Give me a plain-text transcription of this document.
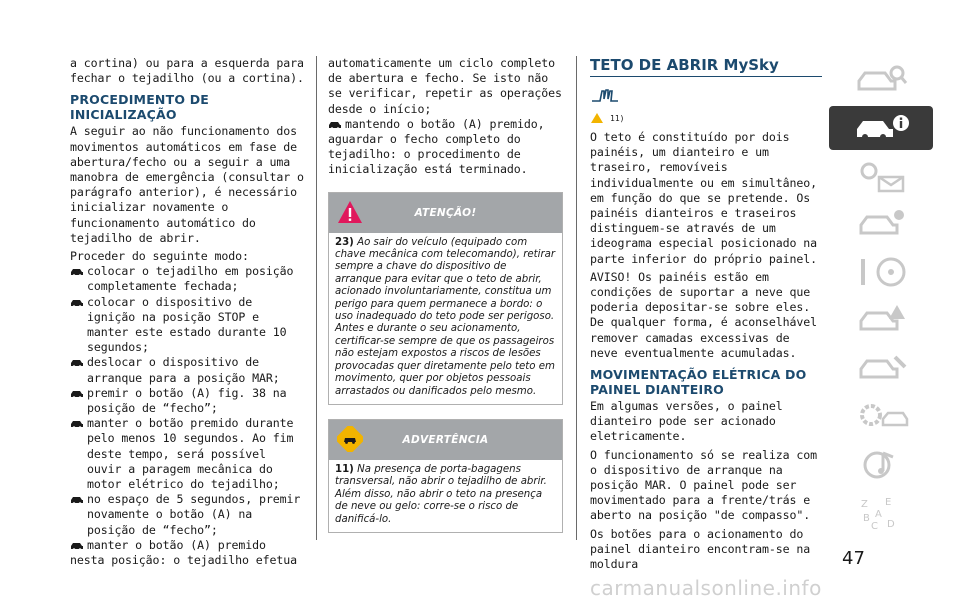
a cortina) ou para a esquerda para fechar o tejadilho (ou a cortina).

PROCEDIMENTO DE INICIALIZAÇÃO

A seguir ao não funcionamento dos movimentos automáticos em fase de abertura/fecho ou a seguir a uma manobra de emergência (consultar o parágrafo anterior), é necessário inicializar novamente o funcionamento automático do tejadilho de abrir.

Proceder do seguinte modo:

colocar o tejadilho em posição completamente fechada;
colocar o dispositivo de ignição na posição STOP e manter este estado durante 10 segundos;
deslocar o dispositivo de arranque para a posição MAR;
premir o botão (A) fig. 38 na posição de “fecho”;
manter o botão premido durante pelo menos 10 segundos. Ao fim deste tempo, será possível ouvir a paragem mecânica do motor elétrico do tejadilho;
no espaço de 5 segundos, premir novamente o botão (A) na posição de “fecho”;
manter o botão (A) premido
nesta posição: o tejadilho efetua

automaticamente um ciclo completo de abertura e fecho. Se isto não se verificar, repetir as operações desde o início;

mantendo o botão (A) premido,

aguardar o fecho completo do tejadilho: o procedimento de inicialização está terminado.

ATENÇÃO!
23) Ao sair do veículo (equipado com chave mecânica com telecomando), retirar sempre a chave do dispositivo de arranque para evitar que o teto de abrir, acionado involuntariamente, constitua um perigo para quem permanece a bordo: o uso inadequado do teto pode ser perigoso. Antes e durante o seu acionamento, certificar-se sempre de que os passageiros não estejam expostos a riscos de lesões provocadas quer diretamente pelo teto em movimento, quer por objetos pessoais arrastados ou danificados pelo mesmo.
ADVERTÊNCIA
11) Na presença de porta-bagagens transversal, não abrir o tejadilho de abrir. Além disso, não abrir o teto na presença de neve ou gelo: corre-se o risco de danificá-lo.
TETO DE ABRIR MySky
11)

O teto é constituído por dois painéis, um dianteiro e um traseiro, removíveis individualmente ou em simultâneo, em função do que se pretende. Os painéis dianteiros e traseiros distinguem-se através de um ideograma especial posicionado na parte inferior do próprio painel.

AVISO! Os painéis estão em condições de suportar a neve que poderia depositar-se sobre eles. De qualquer forma, é aconselhável remover camadas excessivas de neve eventualmente acumuladas.

MOVIMENTAÇÃO ELÉTRICA DO PAINEL DIANTEIRO

Em algumas versões, o painel dianteiro pode ser acionado eletricamente.

O funcionamento só se realiza com o dispositivo de arranque na posição MAR. O painel pode ser movimentado para a frente/trás e aberto na posição "de compasso".

Os botões para o acionamento do painel dianteiro encontram-se na moldura

Z E
B A
C D
47
carmanualsonline.info
